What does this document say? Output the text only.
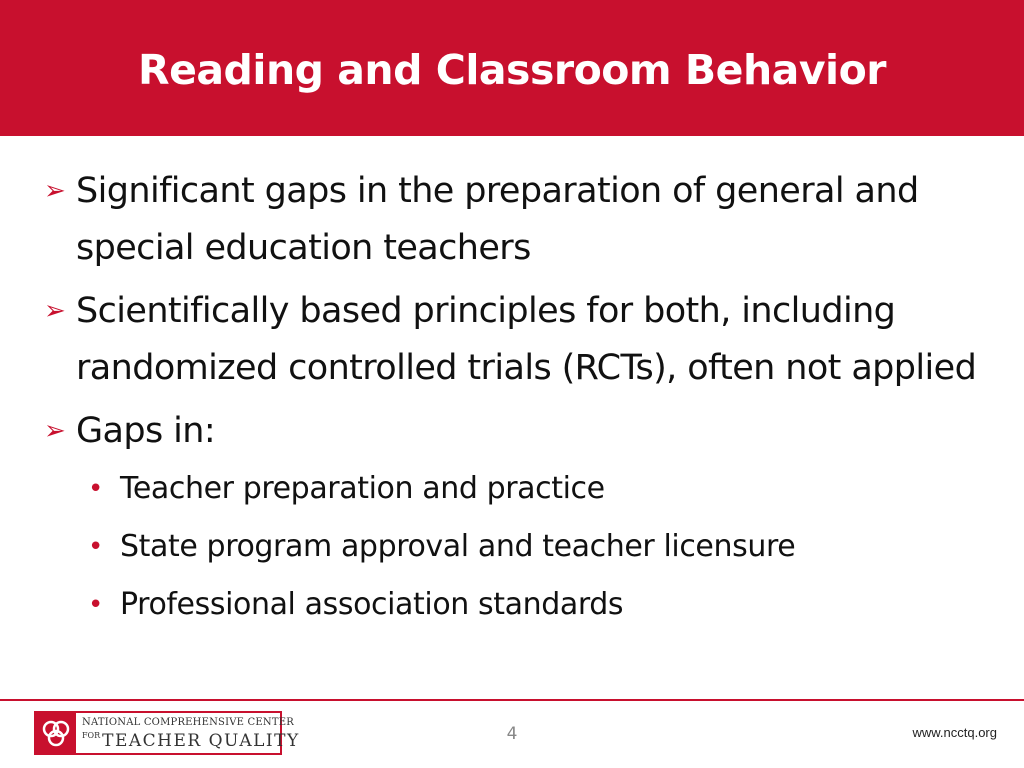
Reading and Classroom Behavior
➢ Significant gaps in the preparation of general and special education teachers
➢ Scientifically based principles for both, including randomized controlled trials (RCTs), often not applied
➢ Gaps in:
• Teacher preparation and practice
• State program approval and teacher licensure
• Professional association standards
NATIONAL COMPREHENSIVE CENTER
$^{FOR}$ TEACHER QUALITY	4	www.ncctq.org
